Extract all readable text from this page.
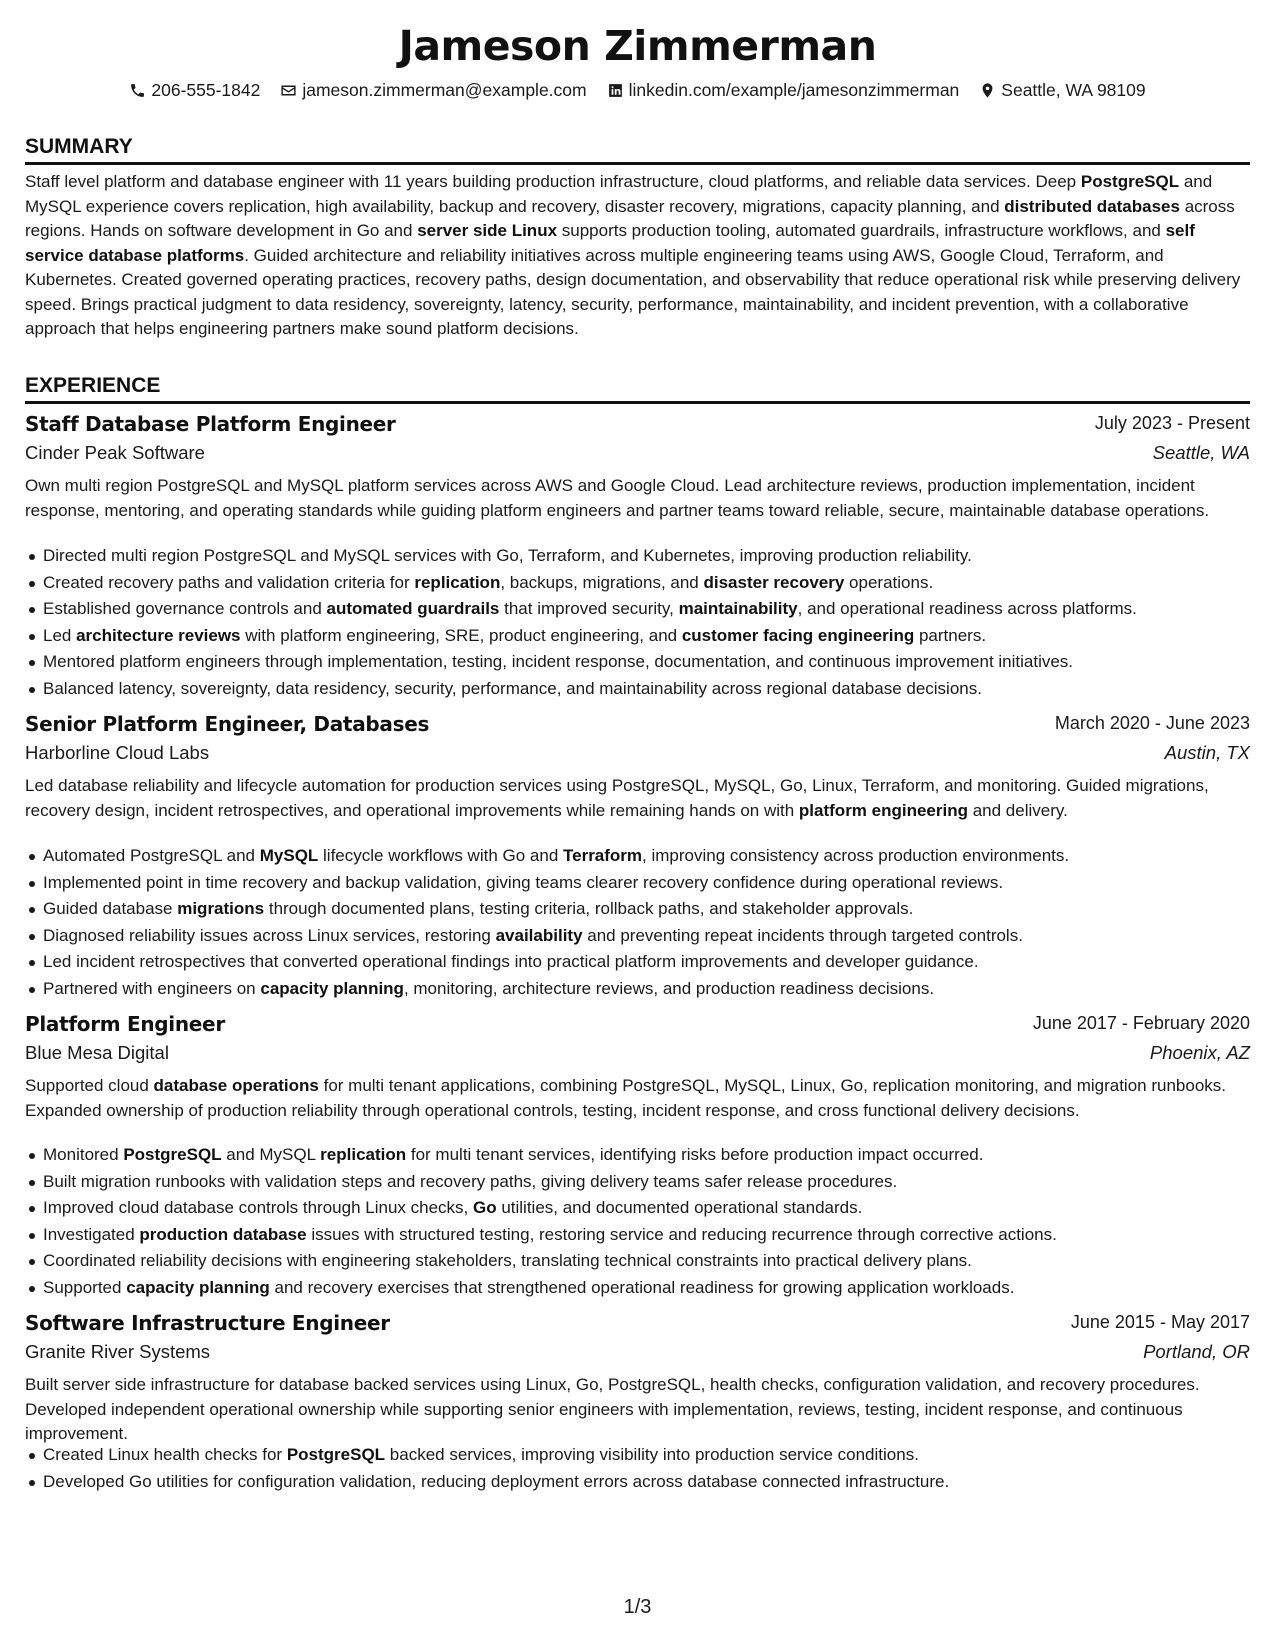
Jameson Zimmerman
206-555-1842 jameson.zimmerman@example.com linkedin.com/example/jamesonzimmerman Seattle, WA 98109
SUMMARY
Staff level platform and database engineer with 11 years building production infrastructure, cloud platforms, and reliable data services. Deep PostgreSQL and MySQL experience covers replication, high availability, backup and recovery, disaster recovery, migrations, capacity planning, and distributed databases across regions. Hands on software development in Go and server side Linux supports production tooling, automated guardrails, infrastructure workflows, and self service database platforms. Guided architecture and reliability initiatives across multiple engineering teams using AWS, Google Cloud, Terraform, and Kubernetes. Created governed operating practices, recovery paths, design documentation, and observability that reduce operational risk while preserving delivery speed. Brings practical judgment to data residency, sovereignty, latency, security, performance, maintainability, and incident prevention, with a collaborative approach that helps engineering partners make sound platform decisions.
EXPERIENCE
Staff Database Platform Engineer	July 2023 - Present
Cinder Peak Software	Seattle, WA
Own multi region PostgreSQL and MySQL platform services across AWS and Google Cloud. Lead architecture reviews, production implementation, incident response, mentoring, and operating standards while guiding platform engineers and partner teams toward reliable, secure, maintainable database operations.
Directed multi region PostgreSQL and MySQL services with Go, Terraform, and Kubernetes, improving production reliability.
Created recovery paths and validation criteria for replication, backups, migrations, and disaster recovery operations.
Established governance controls and automated guardrails that improved security, maintainability, and operational readiness across platforms.
Led architecture reviews with platform engineering, SRE, product engineering, and customer facing engineering partners.
Mentored platform engineers through implementation, testing, incident response, documentation, and continuous improvement initiatives.
Balanced latency, sovereignty, data residency, security, performance, and maintainability across regional database decisions.
Senior Platform Engineer, Databases	March 2020 - June 2023
Harborline Cloud Labs	Austin, TX
Led database reliability and lifecycle automation for production services using PostgreSQL, MySQL, Go, Linux, Terraform, and monitoring. Guided migrations, recovery design, incident retrospectives, and operational improvements while remaining hands on with platform engineering and delivery.
Automated PostgreSQL and MySQL lifecycle workflows with Go and Terraform, improving consistency across production environments.
Implemented point in time recovery and backup validation, giving teams clearer recovery confidence during operational reviews.
Guided database migrations through documented plans, testing criteria, rollback paths, and stakeholder approvals.
Diagnosed reliability issues across Linux services, restoring availability and preventing repeat incidents through targeted controls.
Led incident retrospectives that converted operational findings into practical platform improvements and developer guidance.
Partnered with engineers on capacity planning, monitoring, architecture reviews, and production readiness decisions.
Platform Engineer	June 2017 - February 2020
Blue Mesa Digital	Phoenix, AZ
Supported cloud database operations for multi tenant applications, combining PostgreSQL, MySQL, Linux, Go, replication monitoring, and migration runbooks. Expanded ownership of production reliability through operational controls, testing, incident response, and cross functional delivery decisions.
Monitored PostgreSQL and MySQL replication for multi tenant services, identifying risks before production impact occurred.
Built migration runbooks with validation steps and recovery paths, giving delivery teams safer release procedures.
Improved cloud database controls through Linux checks, Go utilities, and documented operational standards.
Investigated production database issues with structured testing, restoring service and reducing recurrence through corrective actions.
Coordinated reliability decisions with engineering stakeholders, translating technical constraints into practical delivery plans.
Supported capacity planning and recovery exercises that strengthened operational readiness for growing application workloads.
Software Infrastructure Engineer	June 2015 - May 2017
Granite River Systems	Portland, OR
Built server side infrastructure for database backed services using Linux, Go, PostgreSQL, health checks, configuration validation, and recovery procedures. Developed independent operational ownership while supporting senior engineers with implementation, reviews, testing, incident response, and continuous improvement.
Created Linux health checks for PostgreSQL backed services, improving visibility into production service conditions.
Developed Go utilities for configuration validation, reducing deployment errors across database connected infrastructure.
1/3
